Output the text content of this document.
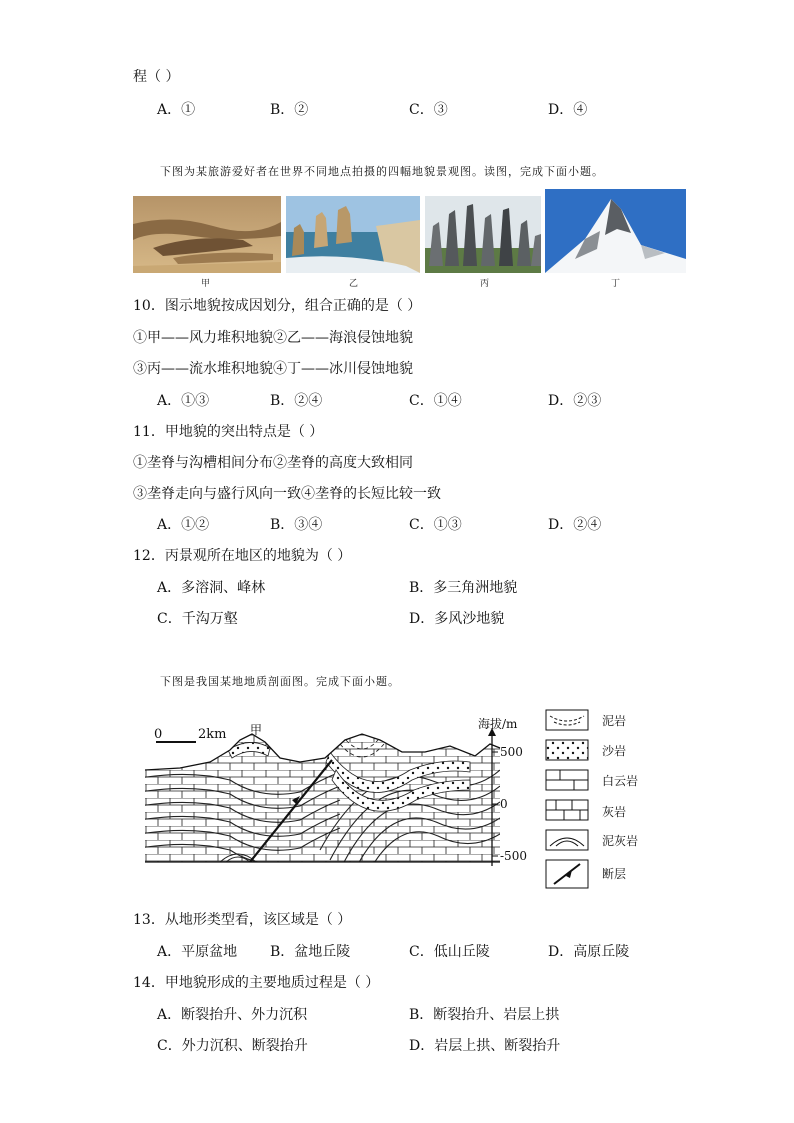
程（ ）
A．①	B．②	C．③	D．④
下图为某旅游爱好者在世界不同地点拍摄的四幅地貌景观图。读图，完成下面小题。
甲	乙	丙	丁
10．图示地貌按成因划分，组合正确的是（ ）
①甲——风力堆积地貌②乙——海浪侵蚀地貌
③丙——流水堆积地貌④丁——冰川侵蚀地貌
A．①③	B．②④	C．①④	D．②③
11．甲地貌的突出特点是（ ）
①垄脊与沟槽相间分布②垄脊的高度大致相同
③垄脊走向与盛行风向一致④垄脊的长短比较一致
A．①②	B．③④	C．①③	D．②④
12．丙景观所在地区的地貌为（ ）
A．多溶洞、峰林	B．多三角洲地貌
C．千沟万壑	D．多风沙地貌
下图是我国某地地质剖面图。完成下面小题。
0	2km 甲	海拔/m
500
0
-500
泥岩
沙岩
白云岩
灰岩
泥灰岩
断层
13．从地形类型看，该区域是（ ）
A．平原盆地 B．盆地丘陵	C．低山丘陵	D．高原丘陵
14．甲地貌形成的主要地质过程是（ ）
A．断裂抬升、外力沉积	B．断裂抬升、岩层上拱
C．外力沉积、断裂抬升	D．岩层上拱、断裂抬升
